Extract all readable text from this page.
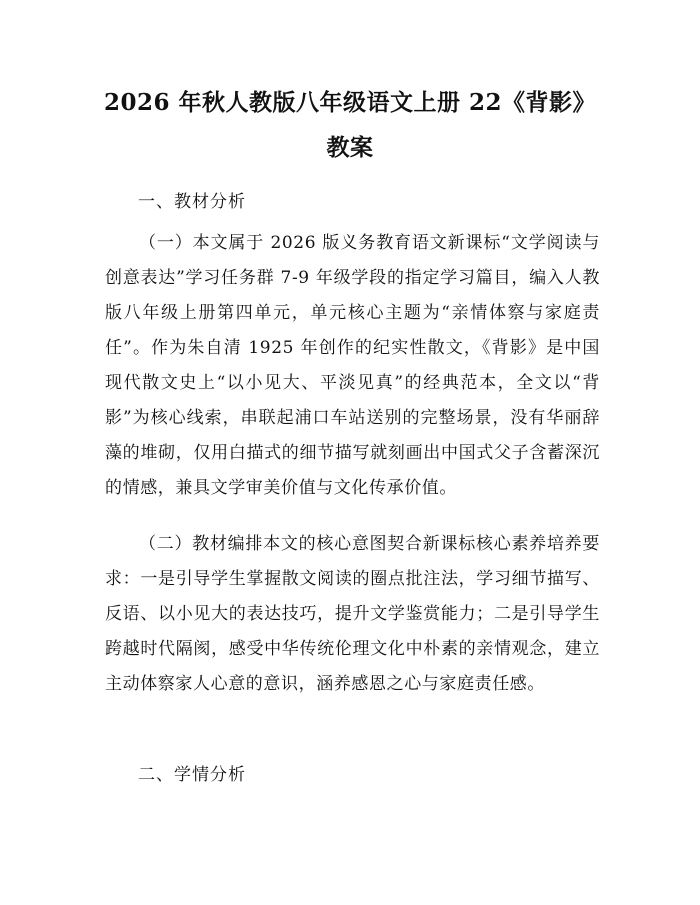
2026 年秋人教版八年级语文上册 22《背影》
教案

一、教材分析

（一）本文属于 2026 版义务教育语文新课标“文学阅读与创意表达”学习任务群 7-9 年级学段的指定学习篇目，编入人教版八年级上册第四单元，单元核心主题为“亲情体察与家庭责任”。作为朱自清 1925 年创作的纪实性散文，《背影》是中国现代散文史上“以小见大、平淡见真”的经典范本，全文以“背影”为核心线索，串联起浦口车站送别的完整场景，没有华丽辞藻的堆砌，仅用白描式的细节描写就刻画出中国式父子含蓄深沉的情感，兼具文学审美价值与文化传承价值。

（二）教材编排本文的核心意图契合新课标核心素养培养要求：一是引导学生掌握散文阅读的圈点批注法，学习细节描写、反语、以小见大的表达技巧，提升文学鉴赏能力；二是引导学生跨越时代隔阂，感受中华传统伦理文化中朴素的亲情观念，建立主动体察家人心意的意识，涵养感恩之心与家庭责任感。

二、学情分析
